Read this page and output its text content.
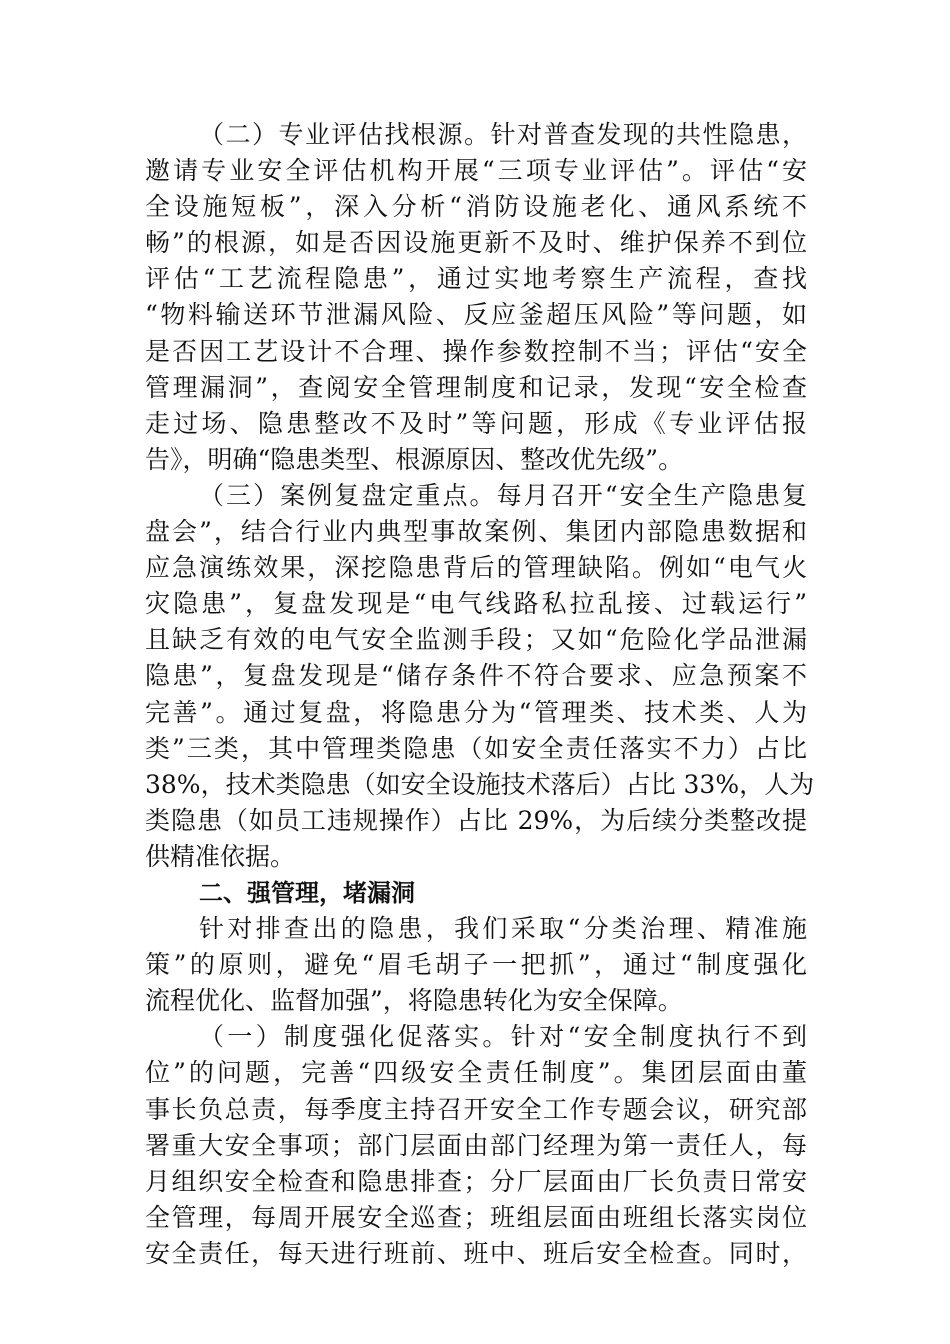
（二）专业评估找根源。针对普查发现的共性隐患，
邀请专业安全评估机构开展“三项专业评估”。评估“安
全设施短板”，深入分析“消防设施老化、通风系统不
畅”的根源，如是否因设施更新不及时、维护保养不到位
评估“工艺流程隐患”，通过实地考察生产流程，查找
“物料输送环节泄漏风险、反应釜超压风险”等问题，如
是否因工艺设计不合理、操作参数控制不当；评估“安全
管理漏洞”，查阅安全管理制度和记录，发现“安全检查
走过场、隐患整改不及时”等问题，形成《专业评估报
告》，明确“隐患类型、根源原因、整改优先级”。
（三）案例复盘定重点。每月召开“安全生产隐患复
盘会”，结合行业内典型事故案例、集团内部隐患数据和
应急演练效果，深挖隐患背后的管理缺陷。例如“电气火
灾隐患”，复盘发现是“电气线路私拉乱接、过载运行”
且缺乏有效的电气安全监测手段；又如“危险化学品泄漏
隐患”，复盘发现是“储存条件不符合要求、应急预案不
完善”。通过复盘，将隐患分为“管理类、技术类、人为
类”三类，其中管理类隐患（如安全责任落实不力）占比
38%，技术类隐患（如安全设施技术落后）占比 33%，人为
类隐患（如员工违规操作）占比 29%，为后续分类整改提
供精准依据。
二、强管理，堵漏洞
针对排查出的隐患，我们采取“分类治理、精准施
策”的原则，避免“眉毛胡子一把抓”，通过“制度强化
流程优化、监督加强”，将隐患转化为安全保障。
（一）制度强化促落实。针对“安全制度执行不到
位”的问题，完善“四级安全责任制度”。集团层面由董
事长负总责，每季度主持召开安全工作专题会议，研究部
署重大安全事项；部门层面由部门经理为第一责任人，每
月组织安全检查和隐患排查；分厂层面由厂长负责日常安
全管理，每周开展安全巡查；班组层面由班组长落实岗位
安全责任，每天进行班前、班中、班后安全检查。同时，
